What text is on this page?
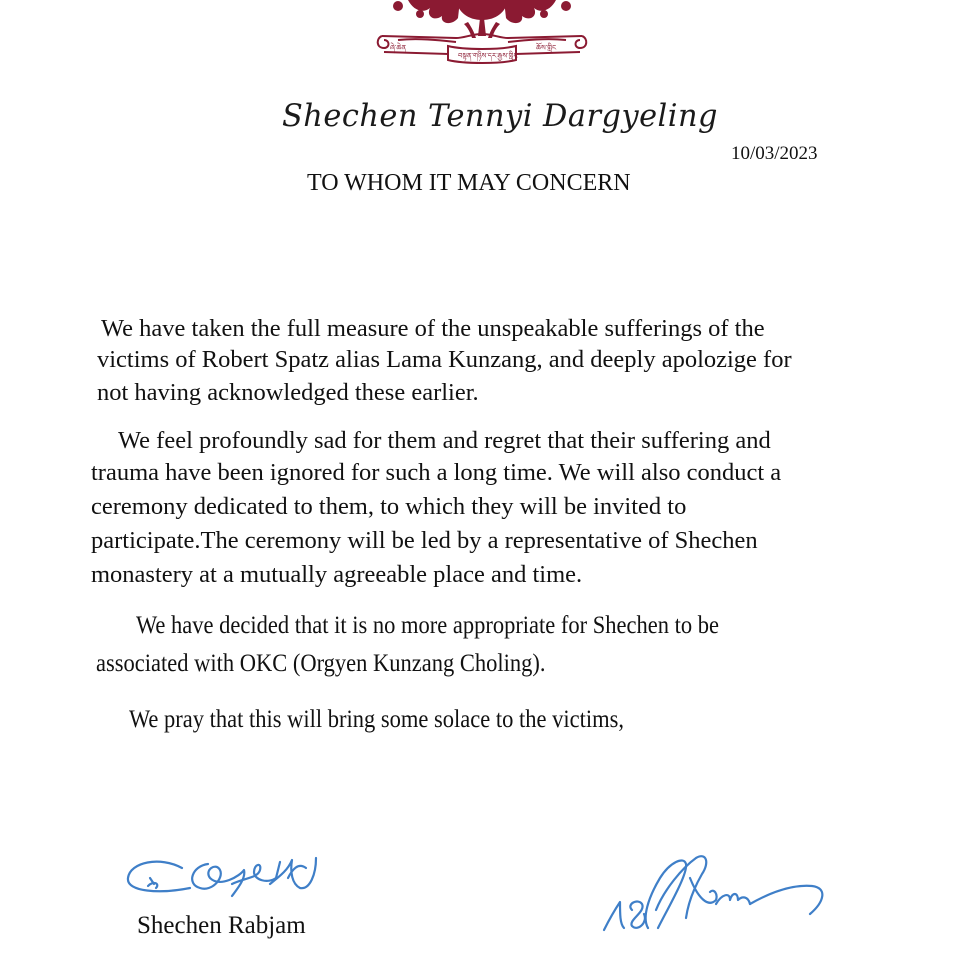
ཞེ་ཆེན
བསྟན་གཉིས་དར་རྒྱས་གླིང
ཆོས་གླིང
Shechen Tennyi Dargyeling
10/03/2023
TO WHOM IT MAY CONCERN
We have taken the full measure of the unspeakable sufferings of the
victims of Robert Spatz alias Lama Kunzang, and deeply apolozige for
not having acknowledged these earlier.
We feel profoundly sad for them and regret that their suffering and
trauma have been ignored for such a long time. We will also conduct a
ceremony dedicated to them, to which they will be invited to
participate.The ceremony will be led by a representative of Shechen
monastery at a mutually agreeable place and time.
We have decided that it is no more appropriate for Shechen to be
associated with OKC (Orgyen Kunzang Choling).
We pray that this will bring some solace to the victims,
Shechen Rabjam
